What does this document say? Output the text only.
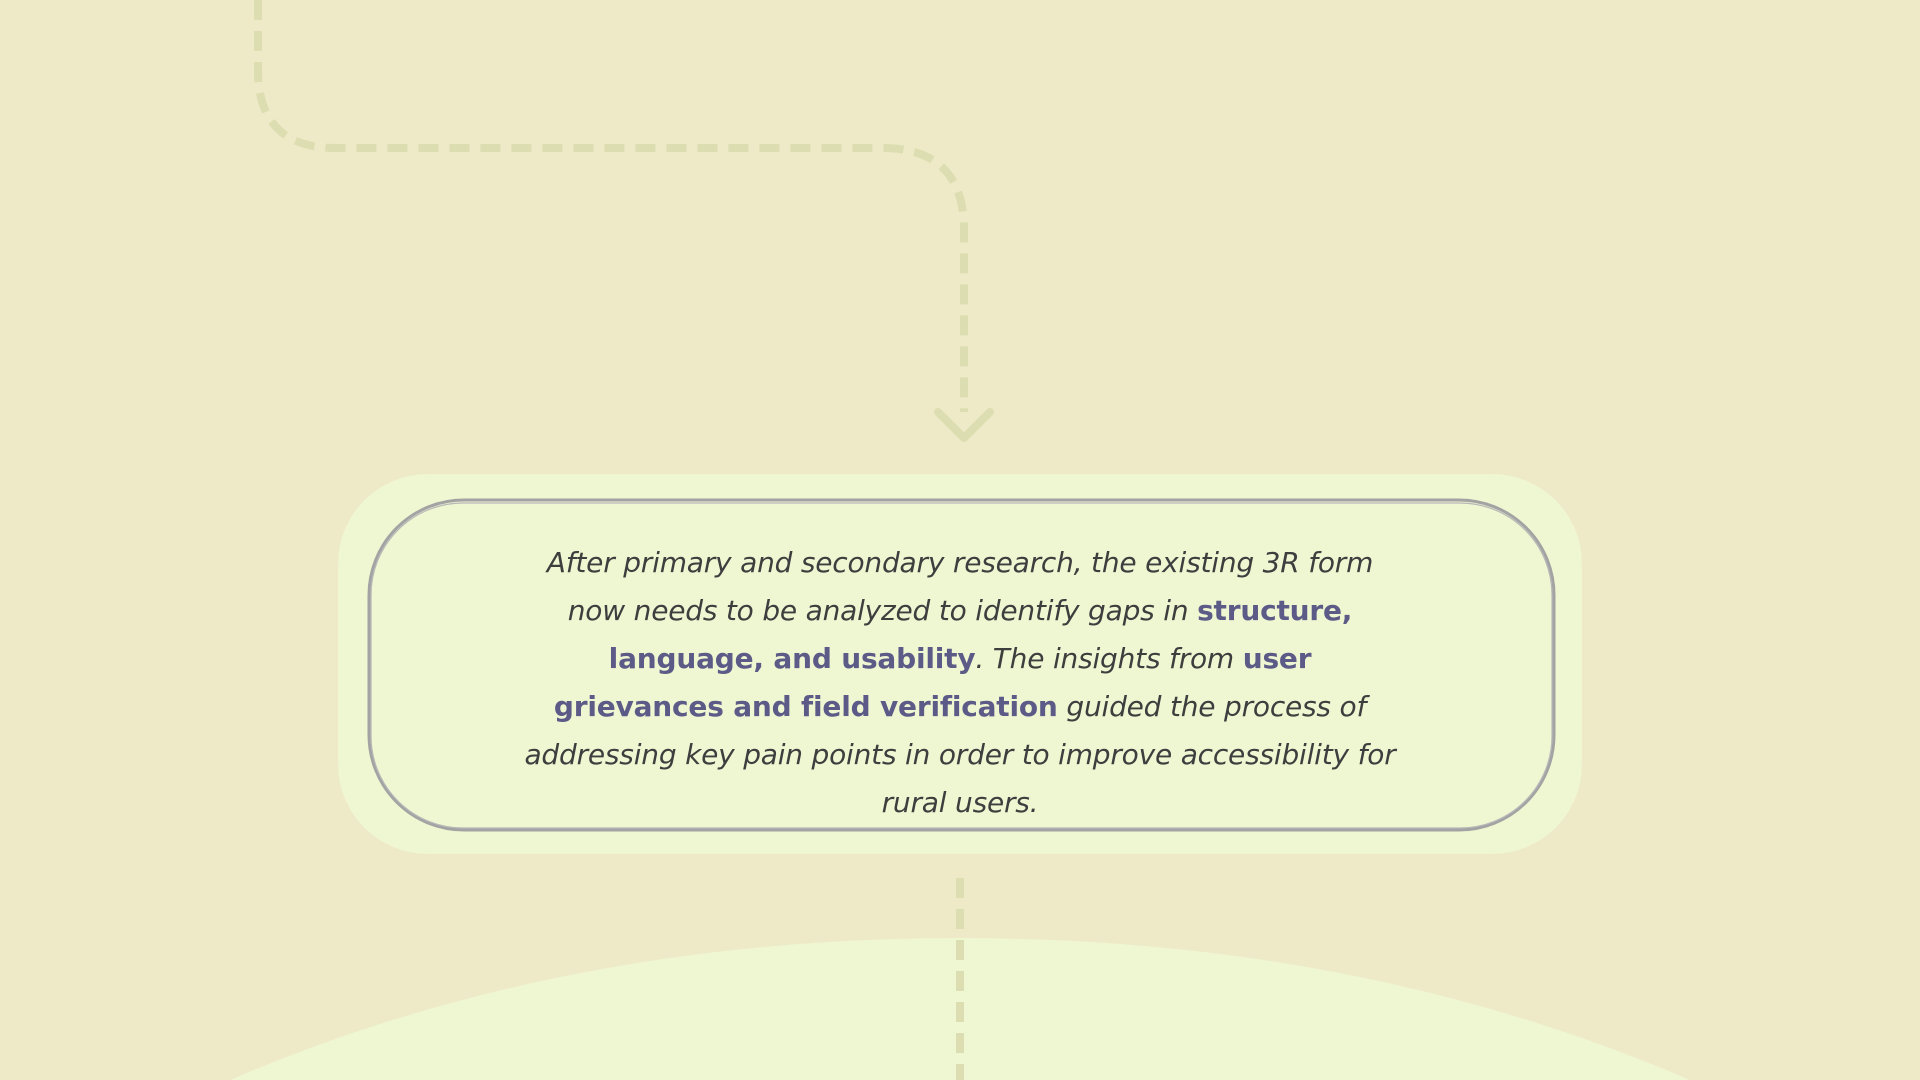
After primary and secondary research, the existing 3R form now needs to be analyzed to identify gaps in structure, language, and usability. The insights from user grievances and field verification guided the process of addressing key pain points in order to improve accessibility for rural users.
